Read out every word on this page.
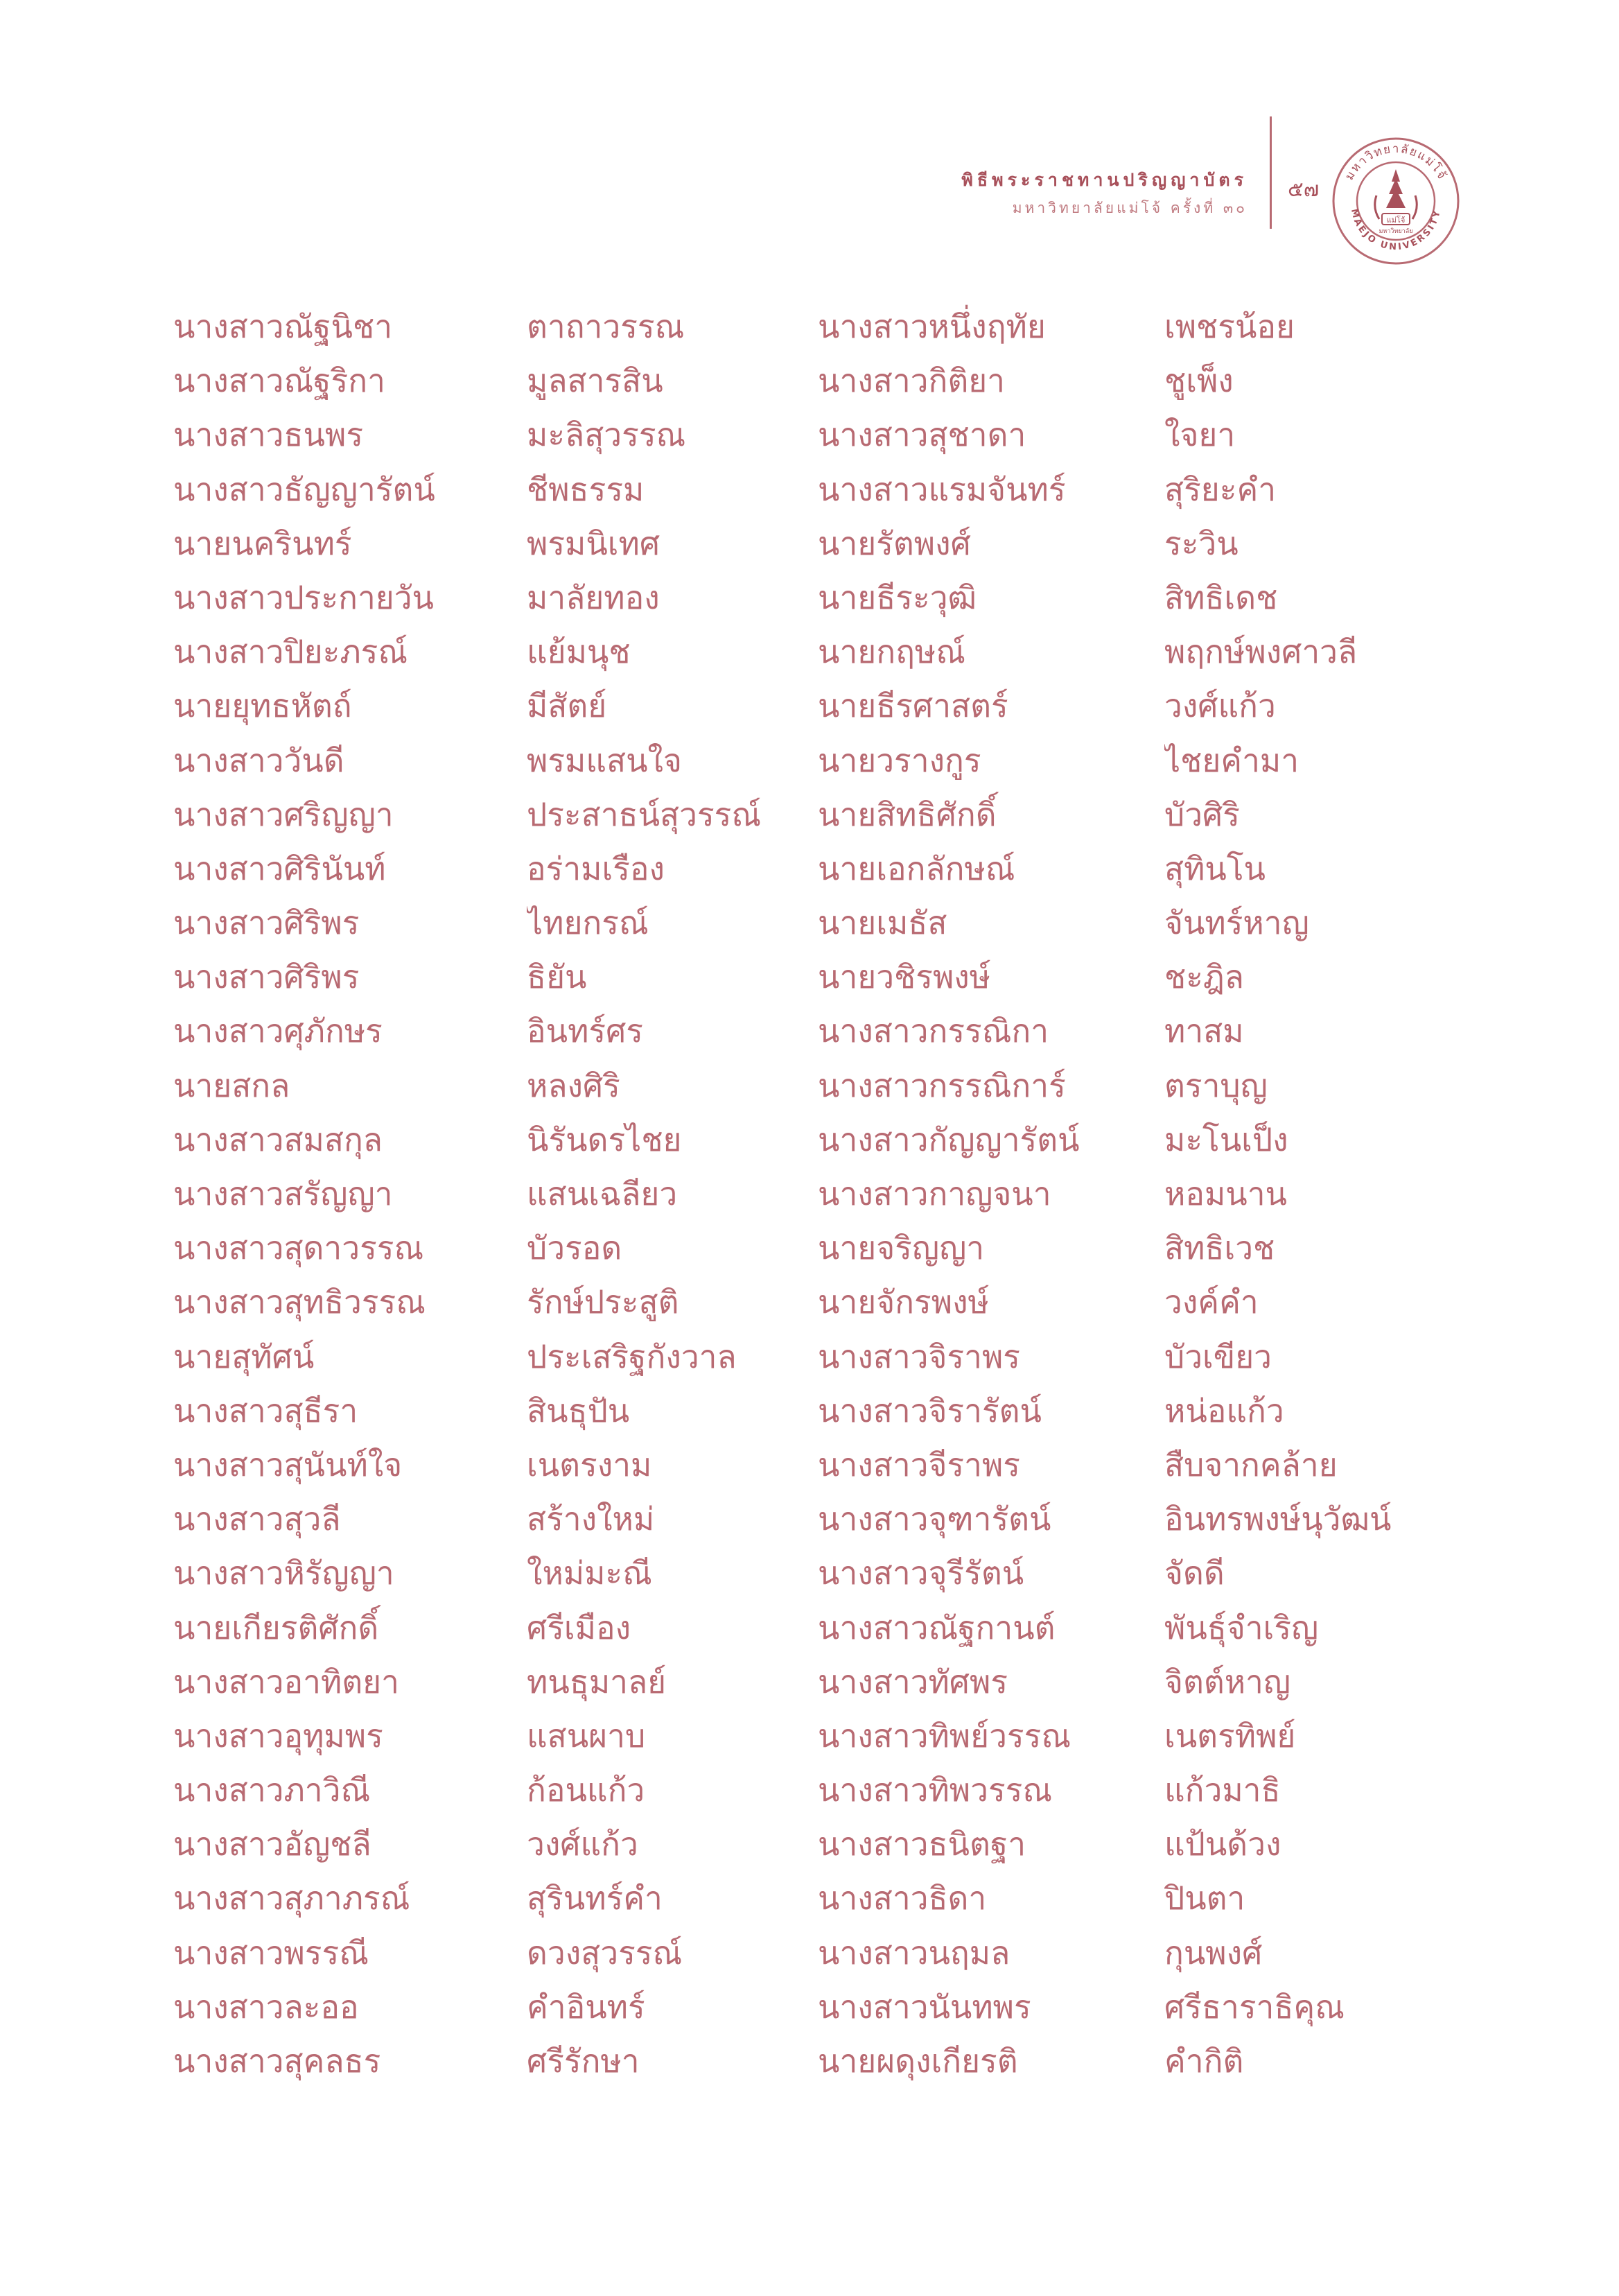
พิธีพระราชทานปริญญาบัตร
มหาวิทยาลัยแม่โจ้ ครั้งที่ ๓๐
๕๗
มหาวิทยาลัยแม่โจ้
MAEJO UNIVERSITY
แม่โจ้
มหาวิทยาลัย
นางสาวณัฐนิชา
นางสาวณัฐริกา
นางสาวธนพร
นางสาวธัญญารัตน์
นายนครินทร์
นางสาวประกายวัน
นางสาวปิยะภรณ์
นายยุทธหัตถ์
นางสาววันดี
นางสาวศริญญา
นางสาวศิรินันท์
นางสาวศิริพร
นางสาวศิริพร
นางสาวศุภักษร
นายสกล
นางสาวสมสกุล
นางสาวสรัญญา
นางสาวสุดาวรรณ
นางสาวสุทธิวรรณ
นายสุทัศน์
นางสาวสุธีรา
นางสาวสุนันท์ใจ
นางสาวสุวลี
นางสาวหิรัญญา
นายเกียรติศักดิ์
นางสาวอาทิตยา
นางสาวอุทุมพร
นางสาวภาวิณี
นางสาวอัญชลี
นางสาวสุภาภรณ์
นางสาวพรรณี
นางสาวละออ
นางสาวสุคลธร
ตาถาวรรณ
มูลสารสิน
มะลิสุวรรณ
ชีพธรรม
พรมนิเทศ
มาลัยทอง
แย้มนุช
มีสัตย์
พรมแสนใจ
ประสาธน์สุวรรณ์
อร่ามเรือง
ไทยกรณ์
ธิยัน
อินทร์ศร
หลงศิริ
นิรันดรไชย
แสนเฉลียว
บัวรอด
รักษ์ประสูติ
ประเสริฐกังวาล
สินธุปัน
เนตรงาม
สร้างใหม่
ใหม่มะณี
ศรีเมือง
ทนธุมาลย์
แสนผาบ
ก้อนแก้ว
วงศ์แก้ว
สุรินทร์คำ
ดวงสุวรรณ์
คำอินทร์
ศรีรักษา
นางสาวหนึ่งฤทัย
นางสาวกิติยา
นางสาวสุชาดา
นางสาวแรมจันทร์
นายรัตพงศ์
นายธีระวุฒิ
นายกฤษณ์
นายธีรศาสตร์
นายวรางกูร
นายสิทธิศักดิ์
นายเอกลักษณ์
นายเมธัส
นายวชิรพงษ์
นางสาวกรรณิกา
นางสาวกรรณิการ์
นางสาวกัญญารัตน์
นางสาวกาญจนา
นายจริญญา
นายจักรพงษ์
นางสาวจิราพร
นางสาวจิรารัตน์
นางสาวจีราพร
นางสาวจุฑารัตน์
นางสาวจุรีรัตน์
นางสาวณัฐกานต์
นางสาวทัศพร
นางสาวทิพย์วรรณ
นางสาวทิพวรรณ
นางสาวธนิตฐา
นางสาวธิดา
นางสาวนฤมล
นางสาวนันทพร
นายผดุงเกียรติ
เพชรน้อย
ชูเพ็ง
ใจยา
สุริยะคำ
ระวิน
สิทธิเดช
พฤกษ์พงศาวลี
วงศ์แก้ว
ไชยคำมา
บัวศิริ
สุทินโน
จันทร์หาญ
ชะฎิล
ทาสม
ตราบุญ
มะโนเป็ง
หอมนาน
สิทธิเวช
วงค์คำ
บัวเขียว
หน่อแก้ว
สืบจากคล้าย
อินทรพงษ์นุวัฒน์
จัดดี
พันธุ์จำเริญ
จิตต์หาญ
เนตรทิพย์
แก้วมาธิ
แป้นด้วง
ปินตา
กุนพงศ์
ศรีธาราธิคุณ
คำกิติ
